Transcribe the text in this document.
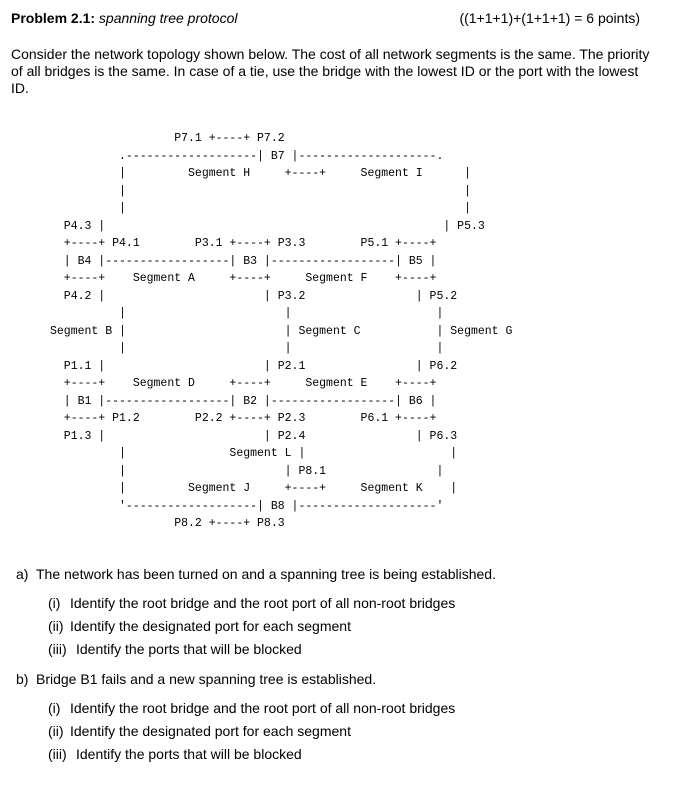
Problem 2.1: spanning tree protocol	((1+1+1)+(1+1+1) = 6 points)
Consider the network topology shown below. The cost of all network segments is the same. The priority of all bridges is the same. In case of a tie, use the bridge with the lowest ID or the port with the lowest ID.
P7.1 +----+ P7.2
.-------------------| B7 |--------------------.
|         Segment H     +----+     Segment I      |
|                                                 |
|                                                 |
P4.3 |                                                 | P5.3
+----+ P4.1        P3.1 +----+ P3.3        P5.1 +----+
| B4 |------------------| B3 |------------------| B5 |
+----+    Segment A     +----+     Segment F    +----+
P4.2 |                       | P3.2                | P5.2
|                       |                     |
Segment B |                       | Segment C           | Segment G
|                       |                     |
P1.1 |                       | P2.1                | P6.2
+----+    Segment D     +----+     Segment E    +----+
| B1 |------------------| B2 |------------------| B6 |
+----+ P1.2        P2.2 +----+ P2.3        P6.1 +----+
P1.3 |                       | P2.4                | P6.3
|               Segment L |                     |
|                       | P8.1                |
|         Segment J     +----+     Segment K    |
'-------------------| B8 |--------------------'
P8.2 +----+ P8.3
a) The network has been turned on and a spanning tree is being established.
(i) Identify the root bridge and the root port of all non-root bridges
(ii) Identify the designated port for each segment
(iii) Identify the ports that will be blocked
b) Bridge B1 fails and a new spanning tree is established.
(i) Identify the root bridge and the root port of all non-root bridges
(ii) Identify the designated port for each segment
(iii) Identify the ports that will be blocked
